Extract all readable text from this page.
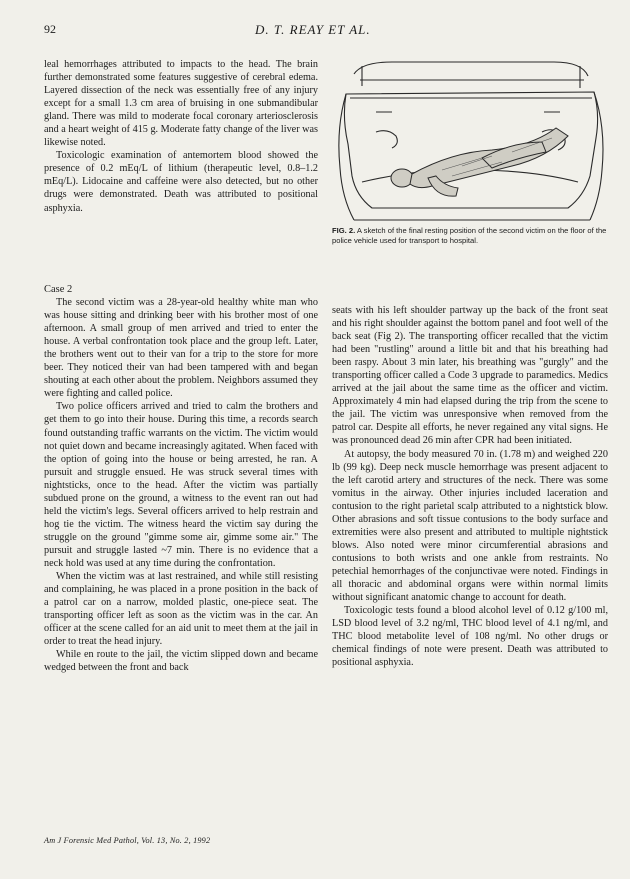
92	D. T. REAY ET AL.

leal hemorrhages attributed to impacts to the head. The brain further demonstrated some features suggestive of cerebral edema. Layered dissection of the neck was essentially free of any injury except for a small 1.3 cm area of bruising in one submandibular gland. There was mild to moderate focal coronary arteriosclerosis and a heart weight of 415 g. Moderate fatty change of the liver was likewise noted.

Toxicologic examination of antemortem blood showed the presence of 0.2 mEq/L of lithium (therapeutic level, 0.8–1.2 mEq/L). Lidocaine and caffeine were also detected, but no other drugs were demonstrated. Death was attributed to positional asphyxia.

FIG. 2. A sketch of the final resting position of the second victim on the floor of the police vehicle used for transport to hospital.

Case 2

The second victim was a 28-year-old healthy white man who was house sitting and drinking beer with his brother most of one afternoon. A small group of men arrived and tried to enter the house. A verbal confrontation took place and the group left. Later, the brothers went out to their van for a trip to the store for more beer. They noticed their van had been tampered with and began shouting at each other about the problem. Neighbors assumed they were fighting and called police.

Two police officers arrived and tried to calm the brothers and get them to go into their house. During this time, a records search found outstanding traffic warrants on the victim. The victim would not quiet down and became increasingly agitated. When faced with the option of going into the house or being arrested, he ran. A pursuit and struggle ensued. He was struck several times with nightsticks, once to the head. After the victim was partially subdued prone on the ground, a witness to the event ran out had held the victim's legs. Several officers arrived to help restrain and hog tie the victim. The witness heard the victim say during the struggle on the ground "gimme some air, gimme some air." The pursuit and struggle lasted ~7 min. There is no evidence that a neck hold was used at any time during the confrontation.

When the victim was at last restrained, and while still resisting and complaining, he was placed in a prone position in the back of a patrol car on a narrow, molded plastic, one-piece seat. The transporting officer left as soon as the victim was in the car. An officer at the scene called for an aid unit to meet them at the jail in order to treat the head injury.

While en route to the jail, the victim slipped down and became wedged between the front and back

seats with his left shoulder partway up the back of the front seat and his right shoulder against the bottom panel and foot well of the back seat (Fig 2). The transporting officer recalled that the victim had been "rustling" around a little bit and that his breathing had been raspy. About 3 min later, his breathing was "gurgly" and the transporting officer called a Code 3 upgrade to paramedics. Medics arrived at the jail about the same time as the officer and victim. Approximately 4 min had elapsed during the trip from the scene to the jail. The victim was unresponsive when removed from the patrol car. Despite all efforts, he never regained any vital signs. He was pronounced dead 26 min after CPR had been initiated.

At autopsy, the body measured 70 in. (1.78 m) and weighed 220 lb (99 kg). Deep neck muscle hemorrhage was present adjacent to the left carotid artery and structures of the neck. There was some vomitus in the airway. Other injuries included laceration and contusion to the right parietal scalp attributed to a nightstick blow. Other abrasions and soft tissue contusions to the body surface and extremities were also present and attributed to multiple nightstick blows. Also noted were minor circumferential abrasions and contusions to both wrists and one ankle from restraints. No petechial hemorrhages of the conjunctivae were noted. Findings in all thoracic and abdominal organs were within normal limits without significant anatomic change to account for death.

Toxicologic tests found a blood alcohol level of 0.12 g/100 ml, LSD blood level of 3.2 ng/ml, THC blood level of 4.1 ng/ml, and THC blood metabolite level of 108 ng/ml. No other drugs or chemical findings of note were present. Death was attributed to positional asphyxia.

Am J Forensic Med Pathol, Vol. 13, No. 2, 1992
